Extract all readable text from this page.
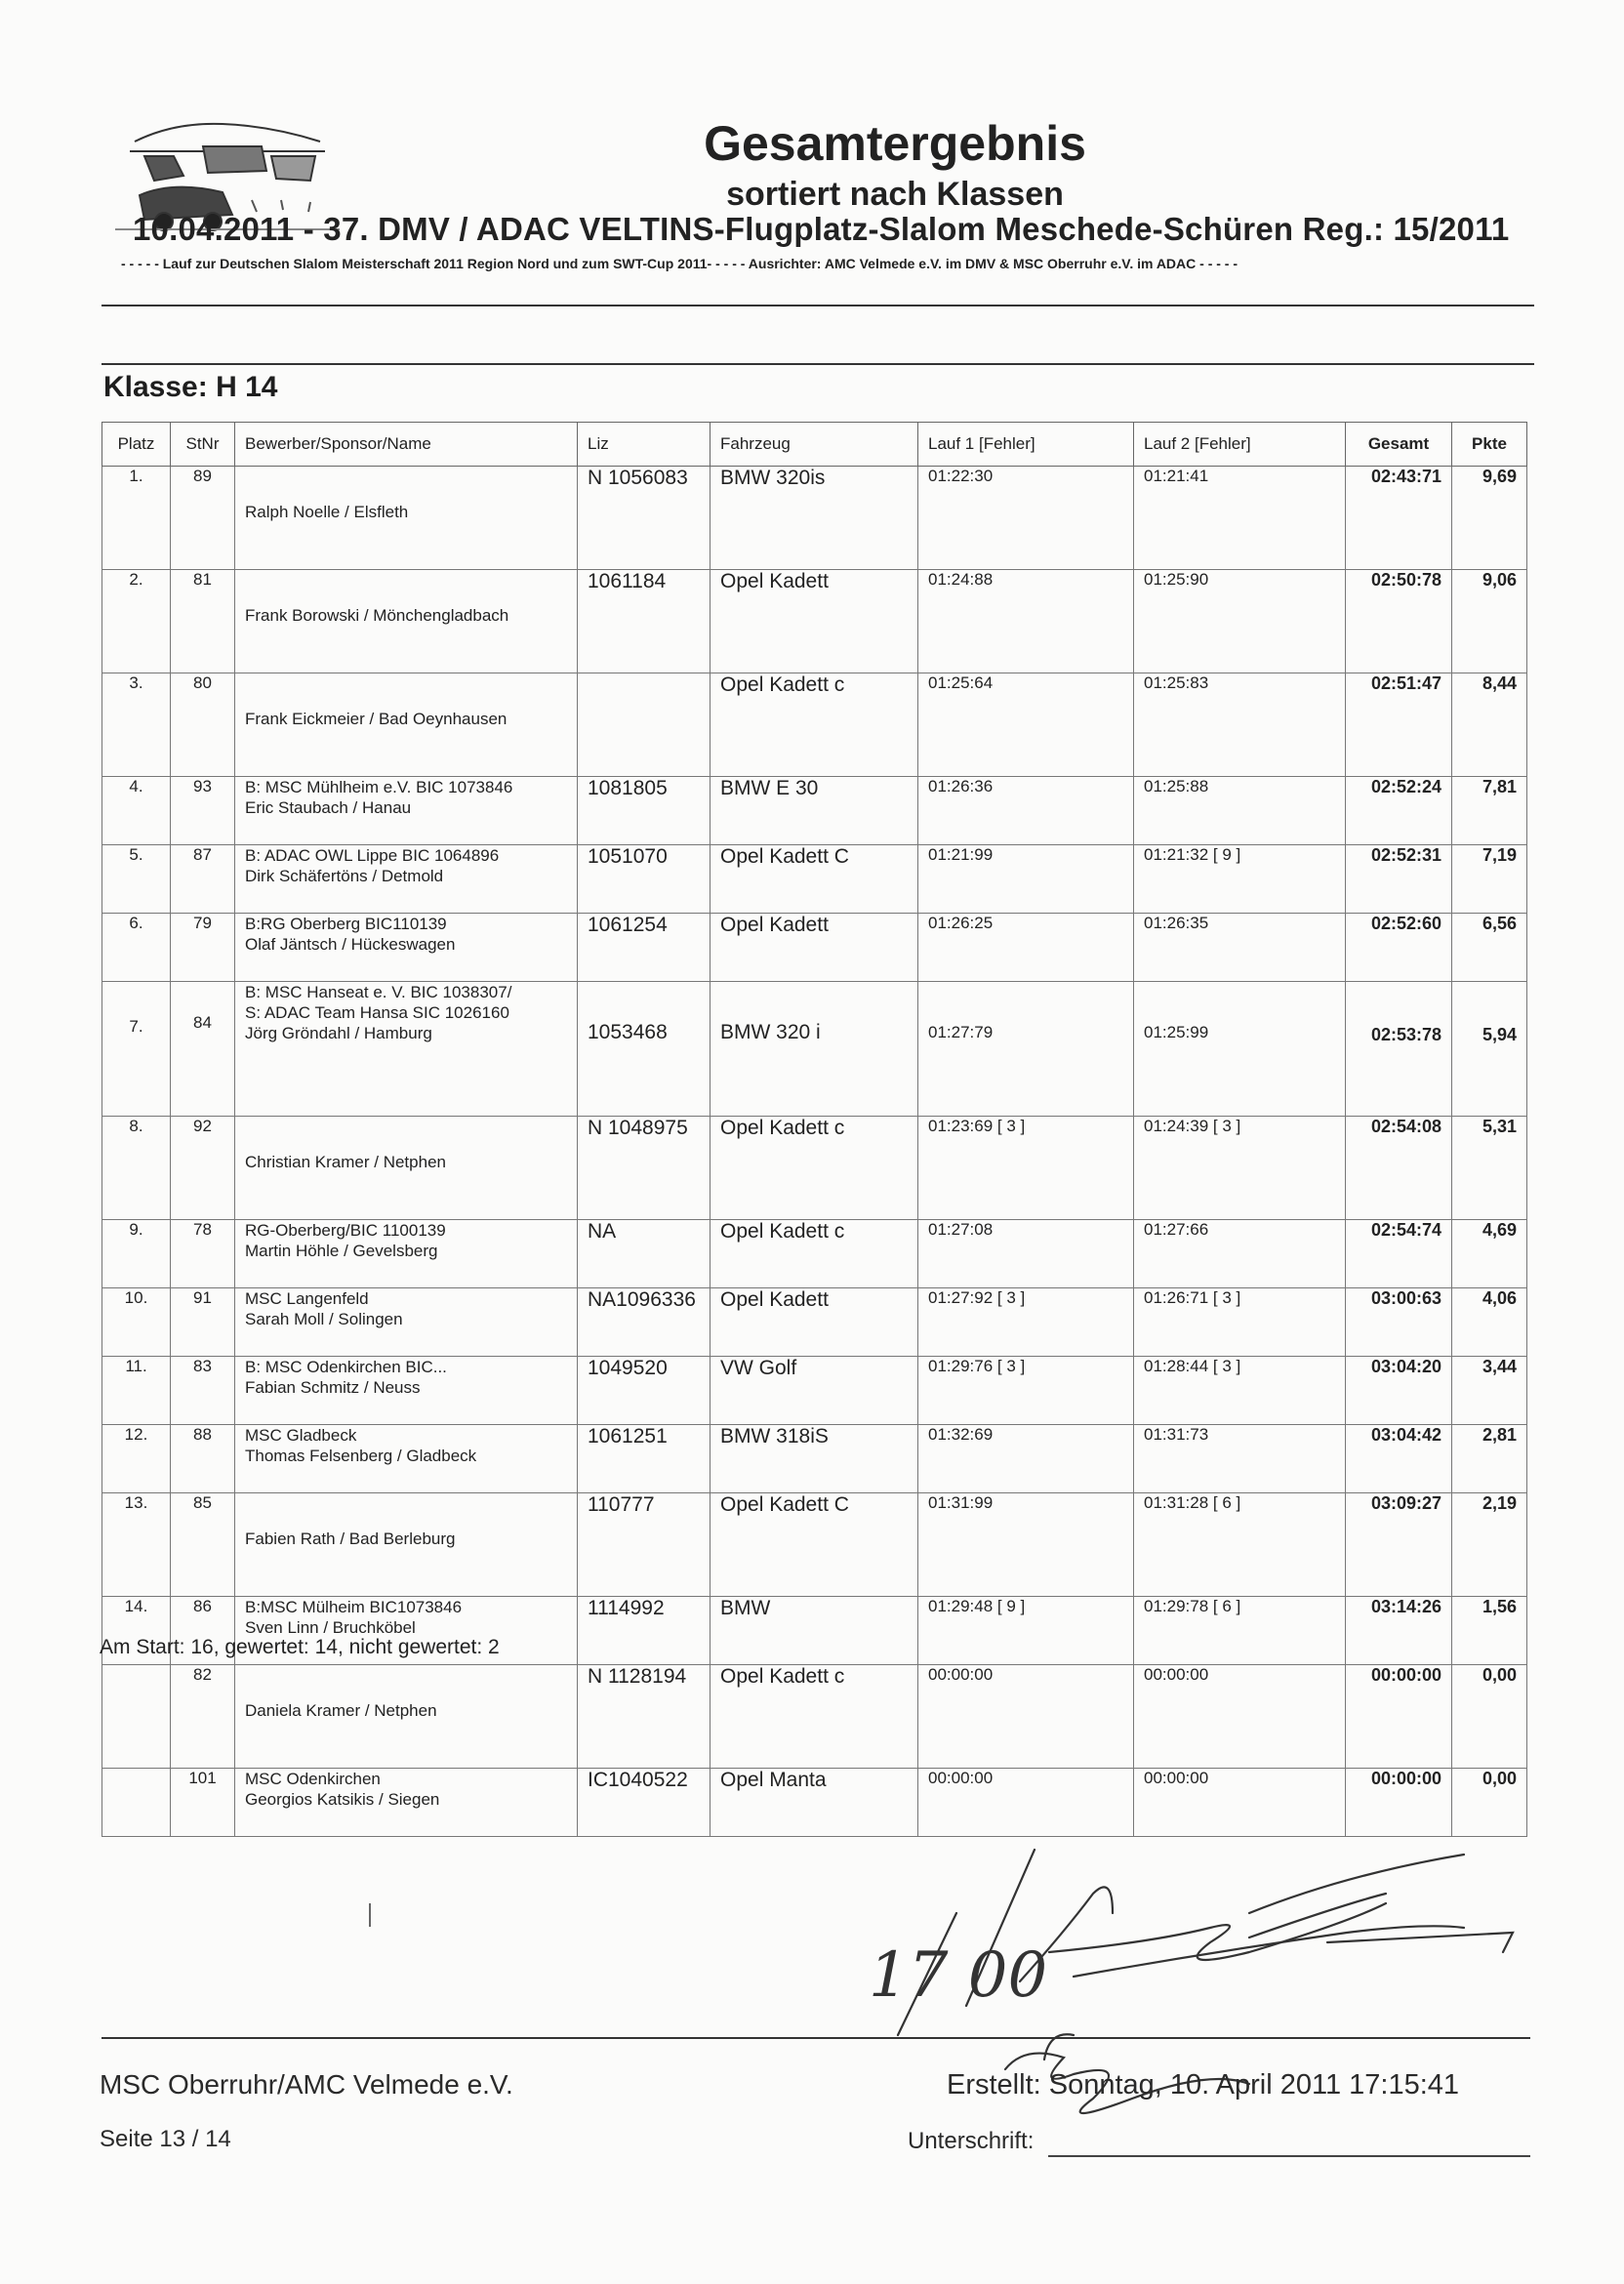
Gesamtergebnis
sortiert nach Klassen
10.04.2011 - 37. DMV / ADAC VELTINS-Flugplatz-Slalom Meschede-Schüren Reg.: 15/2011
- - - - - Lauf zur Deutschen Slalom Meisterschaft 2011 Region Nord und zum SWT-Cup 2011- - - - - Ausrichter: AMC Velmede e.V. im DMV & MSC Oberruhr e.V. im ADAC - - - - -
Klasse: H 14
Platz	StNr	Bewerber/Sponsor/Name	Liz	Fahrzeug	Lauf 1 [Fehler]	Lauf 2 [Fehler]	Gesamt	Pkte
1.	89	Ralph Noelle / Elsfleth	N 1056083	BMW 320is	01:22:30	01:21:41	02:43:71	9,69
2.	81	Frank Borowski / Mönchengladbach	1061184	Opel Kadett	01:24:88	01:25:90	02:50:78	9,06
3.	80	Frank Eickmeier / Bad Oeynhausen		Opel Kadett c	01:25:64	01:25:83	02:51:47	8,44
4.	93	B: MSC Mühlheim e.V. BIC 1073846
Eric Staubach / Hanau	1081805	BMW E 30	01:26:36	01:25:88	02:52:24	7,81
5.	87	B: ADAC OWL Lippe BIC 1064896
Dirk Schäfertöns / Detmold	1051070	Opel Kadett C	01:21:99	01:21:32 [ 9 ]	02:52:31	7,19
6.	79	B:RG Oberberg BIC110139
Olaf Jäntsch / Hückeswagen	1061254	Opel Kadett	01:26:25	01:26:35	02:52:60	6,56
7.	84	B: MSC Hanseat e. V. BIC 1038307/
S: ADAC Team Hansa SIC 1026160
Jörg Gröndahl / Hamburg	1053468	BMW 320 i	01:27:79	01:25:99	02:53:78	5,94
8.	92	Christian Kramer / Netphen	N 1048975	Opel Kadett c	01:23:69 [ 3 ]	01:24:39 [ 3 ]	02:54:08	5,31
9.	78	RG-Oberberg/BIC 1100139
Martin Höhle / Gevelsberg	NA	Opel Kadett c	01:27:08	01:27:66	02:54:74	4,69
10.	91	MSC Langenfeld
Sarah Moll / Solingen	NA1096336	Opel Kadett	01:27:92 [ 3 ]	01:26:71 [ 3 ]	03:00:63	4,06
11.	83	B: MSC Odenkirchen BIC...
Fabian Schmitz / Neuss	1049520	VW Golf	01:29:76 [ 3 ]	01:28:44 [ 3 ]	03:04:20	3,44
12.	88	MSC Gladbeck
Thomas Felsenberg / Gladbeck	1061251	BMW 318iS	01:32:69	01:31:73	03:04:42	2,81
13.	85	Fabien Rath / Bad Berleburg	110777	Opel Kadett C	01:31:99	01:31:28 [ 6 ]	03:09:27	2,19
14.	86	B:MSC Mülheim BIC1073846
Sven Linn / Bruchköbel	1114992	BMW	01:29:48 [ 9 ]	01:29:78 [ 6 ]	03:14:26	1,56
	82	Daniela Kramer / Netphen	N 1128194	Opel Kadett c	00:00:00	00:00:00	00:00:00	0,00
	101	MSC Odenkirchen
Georgios Katsikis / Siegen	IC1040522	Opel Manta	00:00:00	00:00:00	00:00:00	0,00
Am Start: 16, gewertet: 14, nicht gewertet: 2
17 00
MSC Oberruhr/AMC Velmede e.V.
Seite 13 / 14
Erstellt: Sonntag, 10. April 2011 17:15:41
Unterschrift:
